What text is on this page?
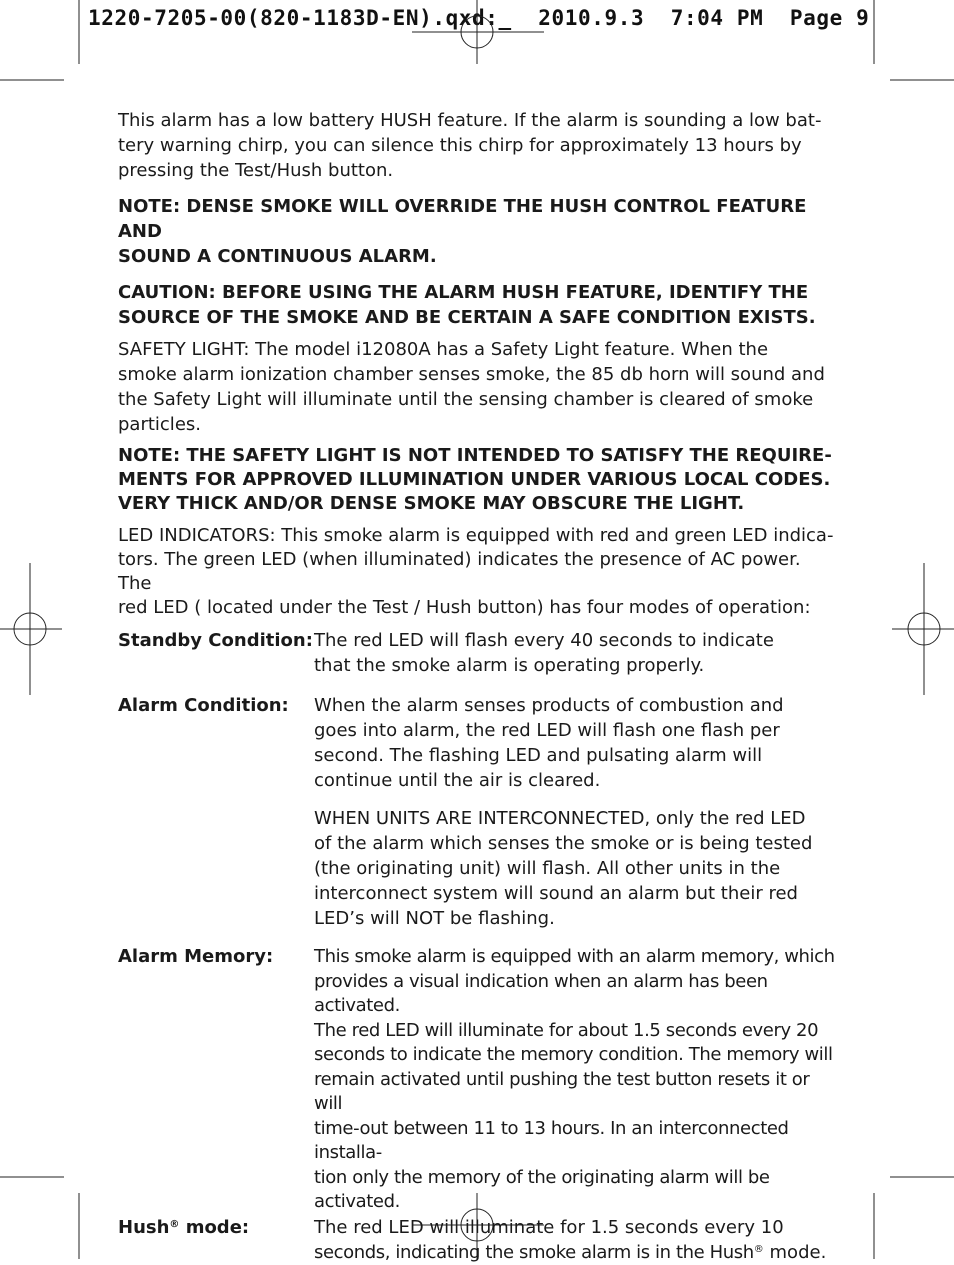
1220-7205-00(820-1183D-EN).qxd:_  2010.9.3  7:04 PM  Page 9

This alarm has a low battery HUSH feature. If the alarm is sounding a low bat-
tery warning chirp, you can silence this chirp for approximately 13 hours by
pressing the Test/Hush button.

NOTE: DENSE SMOKE WILL OVERRIDE THE HUSH CONTROL FEATURE AND
SOUND A CONTINUOUS ALARM.

CAUTION: BEFORE USING THE ALARM HUSH FEATURE, IDENTIFY THE
SOURCE OF THE SMOKE AND BE CERTAIN A SAFE CONDITION EXISTS.

SAFETY LIGHT: The model i12080A has a Safety Light feature. When the
smoke alarm ionization chamber senses smoke, the 85 db horn will sound and
the Safety Light will illuminate until the sensing chamber is cleared of smoke
particles.

NOTE: THE SAFETY LIGHT IS NOT INTENDED TO SATISFY THE REQUIRE-
MENTS FOR APPROVED ILLUMINATION UNDER VARIOUS LOCAL CODES.
VERY THICK AND/OR DENSE SMOKE MAY OBSCURE THE LIGHT.

LED INDICATORS: This smoke alarm is equipped with red and green LED indica-
tors. The green LED (when illuminated) indicates the presence of AC power. The
red LED ( located under the Test / Hush button) has four modes of operation:

Standby Condition: The red LED will flash every 40 seconds to indicate
that the smoke alarm is operating properly.
Alarm Condition:	When the alarm senses products of combustion and
goes into alarm, the red LED will flash one flash per
second. The flashing LED and pulsating alarm will
continue until the air is cleared.

WHEN UNITS ARE INTERCONNECTED, only the red LED
of the alarm which senses the smoke or is being tested
(the originating unit) will flash. All other units in the
interconnect system will sound an alarm but their red
LED’s will NOT be flashing.

Alarm Memory:	This smoke alarm is equipped with an alarm memory, which
provides a visual indication when an alarm has been activated.
The red LED will illuminate for about 1.5 seconds every 20
seconds to indicate the memory condition. The memory will
remain activated until pushing the test button resets it or will
time-out between 11 to 13 hours. In an interconnected installa-
tion only the memory of the originating alarm will be activated.
Hush® mode:	The red LED will illuminate for 1.5 seconds every 10
seconds, indicating the smoke alarm is in the Hush® mode.
